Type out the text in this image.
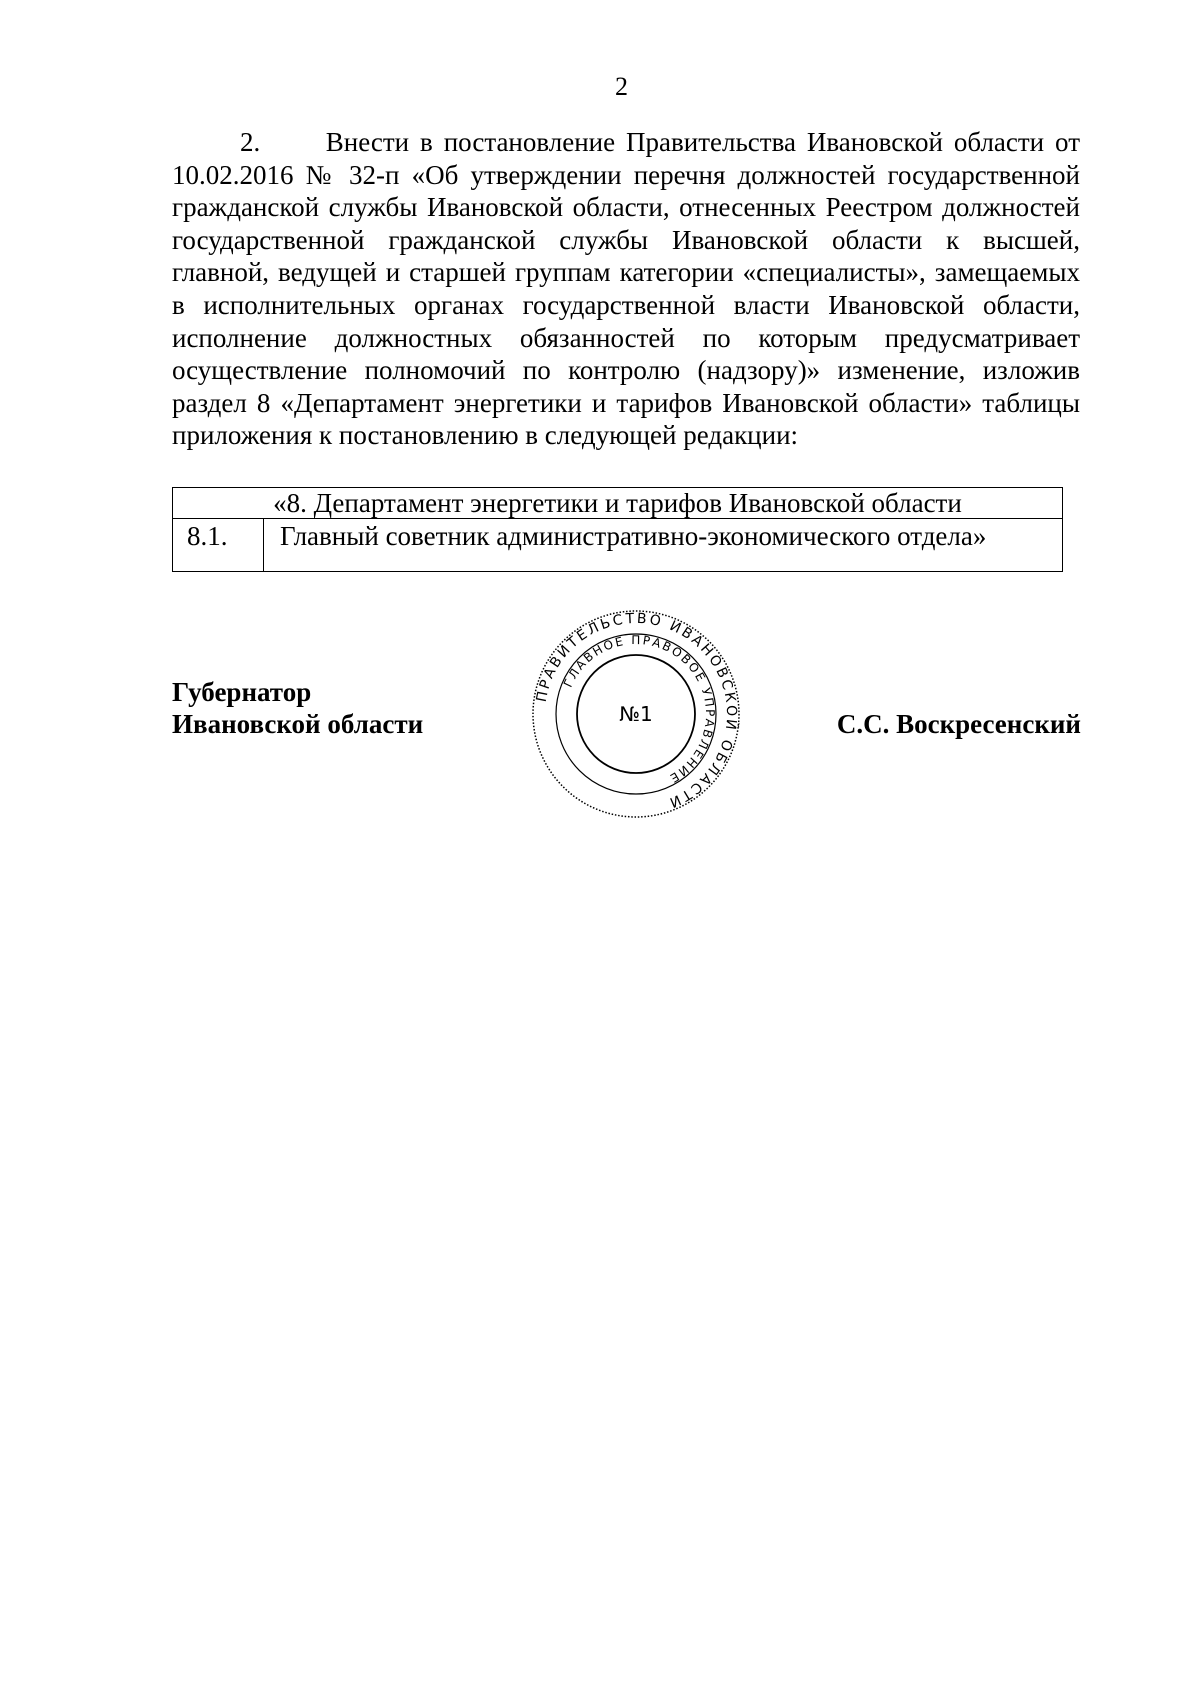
2

2.      Внести в постановление Правительства Ивановской области от 10.02.2016 № 32-п «Об утверждении перечня должностей государственной гражданской службы Ивановской области, отнесенных Реестром должностей государственной гражданской службы Ивановской области к высшей, главной, ведущей и старшей группам категории «специалисты», замещаемых в исполнительных органах государственной власти Ивановской области, исполнение должностных обязанностей по которым предусматривает осуществление полномочий по контролю (надзору)» изменение, изложив раздел 8 «Департамент энергетики и тарифов Ивановской области» таблицы приложения к постановлению в следующей редакции:

«8. Департамент энергетики и тарифов Ивановской области
8.1.	Главный советник административно-экономического отдела»
Губернатор
Ивановской области
ПРАВИТЕЛЬСТВО ИВАНОВСКОЙ ОБЛАСТИ
ГЛАВНОЕ ПРАВОВОЕ УПРАВЛЕНИЕ
№1	С.С. Воскресенский
